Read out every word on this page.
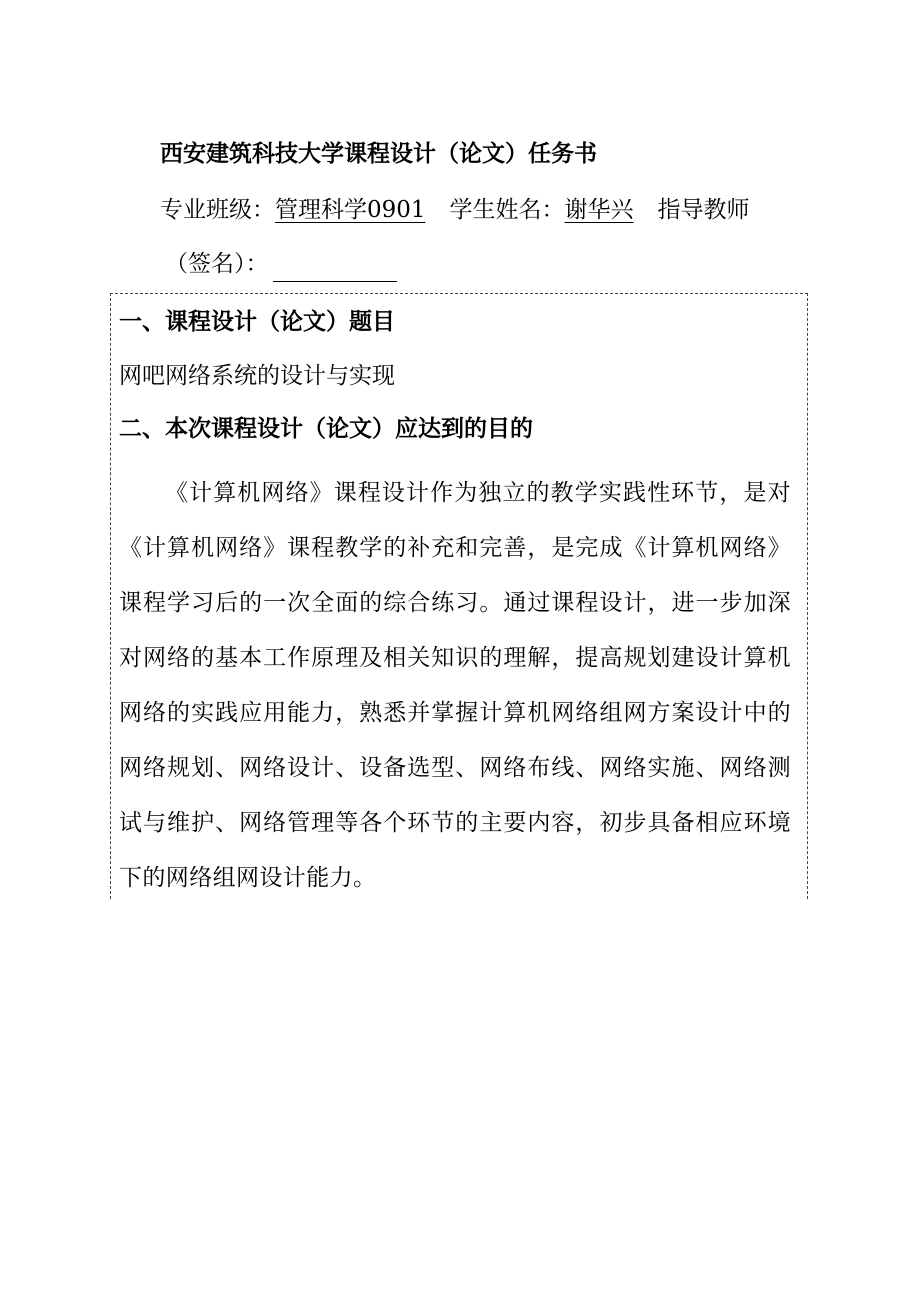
西安建筑科技大学课程设计（论文）任务书
专业班级：管理科学0901 学生姓名：谢华兴 指导教师
（签名）：
一、课程设计（论文）题目
网吧网络系统的设计与实现
二、本次课程设计（论文）应达到的目的

《计算机网络》课程设计作为独立的教学实践性环节，是对《计算机网络》课程教学的补充和完善，是完成《计算机网络》课程学习后的一次全面的综合练习。通过课程设计，进一步加深对网络的基本工作原理及相关知识的理解，提高规划建设计算机网络的实践应用能力，熟悉并掌握计算机网络组网方案设计中的网络规划、网络设计、设备选型、网络布线、网络实施、网络测试与维护、网络管理等各个环节的主要内容，初步具备相应环境下的网络组网设计能力。
